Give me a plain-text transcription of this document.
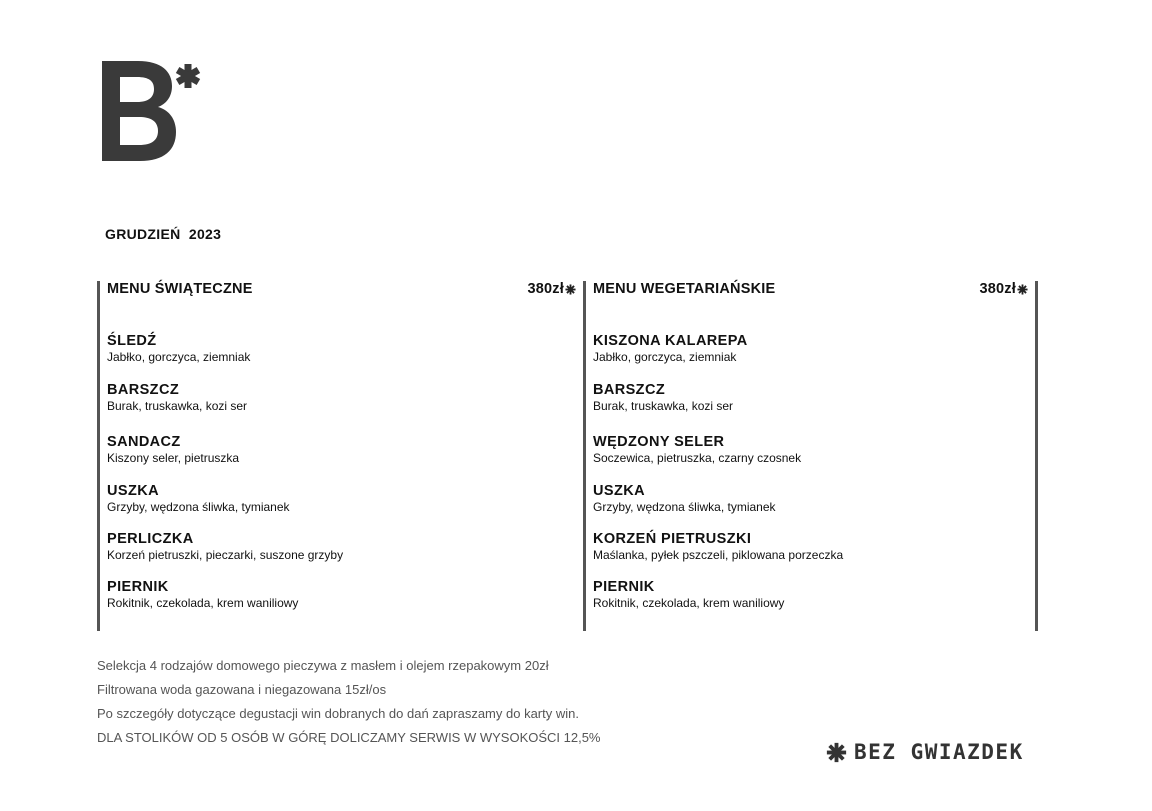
GRUDZIEŃ  2023
MENU ŚWIĄTECZNE	380zł
ŚLEDŹ
Jabłko, gorczyca, ziemniak
BARSZCZ
Burak, truskawka, kozi ser
SANDACZ
Kiszony seler, pietruszka
USZKA
Grzyby, wędzona śliwka, tymianek
PERLICZKA
Korzeń pietruszki, pieczarki, suszone grzyby
PIERNIK
Rokitnik, czekolada, krem waniliowy
MENU WEGETARIAŃSKIE	380zł
KISZONA KALAREPA
Jabłko, gorczyca, ziemniak
BARSZCZ
Burak, truskawka, kozi ser
WĘDZONY SELER
Soczewica, pietruszka, czarny czosnek
USZKA
Grzyby, wędzona śliwka, tymianek
KORZEŃ PIETRUSZKI
Maślanka, pyłek pszczeli, piklowana porzeczka
PIERNIK
Rokitnik, czekolada, krem waniliowy
Selekcja 4 rodzajów domowego pieczywa z masłem i olejem rzepakowym 20zł
Filtrowana woda gazowana i niegazowana 15zł/os
Po szczegóły dotyczące degustacji win dobranych do dań zapraszamy do karty win.
DLA STOLIKÓW OD 5 OSÓB W GÓRĘ DOLICZAMY SERWIS W WYSOKOŚCI 12,5%
BEZ GWIAZDEK
